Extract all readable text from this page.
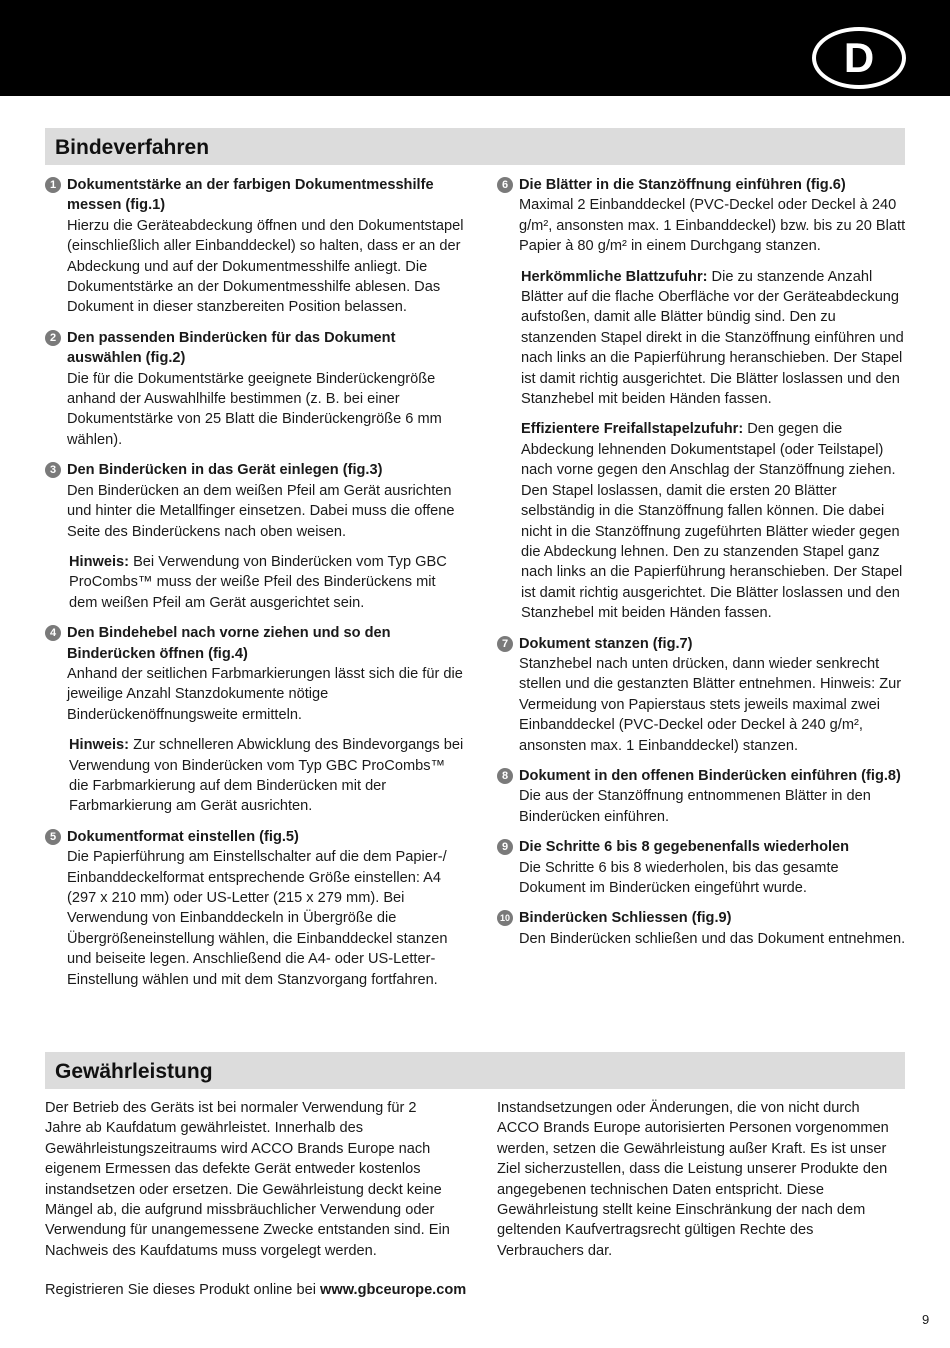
D
Bindeverfahren
1 Dokumentstärke an der farbigen Dokumentmesshilfe messen (fig.1)

Hierzu die Geräteabdeckung öffnen und den Dokumentstapel (einschließlich aller Einbanddeckel) so halten, dass er an der Abdeckung und auf der Dokumentmesshilfe anliegt. Die Dokumentstärke an der Dokumentmesshilfe ablesen. Das Dokument in dieser stanzbereiten Position belassen.

2 Den passenden Binderücken für das Dokument auswählen (fig.2)

Die für die Dokumentstärke geeignete Binderückengröße anhand der Auswahlhilfe bestimmen (z. B. bei einer Dokumentstärke von 25 Blatt die Binderückengröße 6 mm wählen).

3 Den Binderücken in das Gerät einlegen (fig.3)

Den Binderücken an dem weißen Pfeil am Gerät ausrichten und hinter die Metallfinger einsetzen. Dabei muss die offene Seite des Binderückens nach oben weisen.

Hinweis: Bei Verwendung von Binderücken vom Typ GBC ProCombs™ muss der weiße Pfeil des Binderückens mit dem weißen Pfeil am Gerät ausgerichtet sein.

4 Den Bindehebel nach vorne ziehen und so den Binderücken öffnen (fig.4)

Anhand der seitlichen Farbmarkierungen lässt sich die für die jeweilige Anzahl Stanzdokumente nötige Binderückenöffnungsweite ermitteln.

Hinweis: Zur schnelleren Abwicklung des Bindevorgangs bei Verwendung von Binderücken vom Typ GBC ProCombs™ die Farbmarkierung auf dem Binderücken mit der Farbmarkierung am Gerät ausrichten.

5 Dokumentformat einstellen (fig.5)

Die Papierführung am Einstellschalter auf die dem Papier-/ Einbanddeckelformat entsprechende Größe einstellen: A4 (297 x 210 mm) oder US-Letter (215 x 279 mm). Bei Verwendung von Einbanddeckeln in Übergröße die Übergrößeneinstellung wählen, die Einbanddeckel stanzen und beiseite legen. Anschließend die A4- oder US-Letter-Einstellung wählen und mit dem Stanzvorgang fortfahren.

6 Die Blätter in die Stanzöffnung einführen (fig.6)

Maximal 2 Einbanddeckel (PVC-Deckel oder Deckel à 240 g/m², ansonsten max. 1 Einbanddeckel) bzw. bis zu 20 Blatt Papier à 80 g/m² in einem Durchgang stanzen.

Herkömmliche Blattzufuhr: Die zu stanzende Anzahl Blätter auf die flache Oberfläche vor der Geräteabdeckung aufstoßen, damit alle Blätter bündig sind. Den zu stanzenden Stapel direkt in die Stanzöffnung einführen und nach links an die Papierführung heranschieben. Der Stapel ist damit richtig ausgerichtet. Die Blätter loslassen und den Stanzhebel mit beiden Händen fassen.

Effizientere Freifallstapelzufuhr: Den gegen die Abdeckung lehnenden Dokumentstapel (oder Teilstapel) nach vorne gegen den Anschlag der Stanzöffnung ziehen. Den Stapel loslassen, damit die ersten 20 Blätter selbständig in die Stanzöffnung fallen können. Die dabei nicht in die Stanzöffnung zugeführten Blätter wieder gegen die Abdeckung lehnen. Den zu stanzenden Stapel ganz nach links an die Papierführung heranschieben. Der Stapel ist damit richtig ausgerichtet. Die Blätter loslassen und den Stanzhebel mit beiden Händen fassen.

7 Dokument stanzen (fig.7)

Stanzhebel nach unten drücken, dann wieder senkrecht stellen und die gestanzten Blätter entnehmen. Hinweis: Zur Vermeidung von Papierstaus stets jeweils maximal zwei Einbanddeckel (PVC-Deckel oder Deckel à 240 g/m², ansonsten max. 1 Einbanddeckel) stanzen.

8 Dokument in den offenen Binderücken einführen (fig.8)

Die aus der Stanzöffnung entnommenen Blätter in den Binderücken einführen.

9 Die Schritte 6 bis 8 gegebenenfalls wiederholen

Die Schritte 6 bis 8 wiederholen, bis das gesamte Dokument im Binderücken eingeführt wurde.

10 Binderücken Schliessen (fig.9)

Den Binderücken schließen und das Dokument entnehmen.

Gewährleistung

Der Betrieb des Geräts ist bei normaler Verwendung für 2 Jahre ab Kaufdatum gewährleistet. Innerhalb des Gewährleistungszeitraums wird ACCO Brands Europe nach eigenem Ermessen das defekte Gerät entweder kostenlos instandsetzen oder ersetzen. Die Gewährleistung deckt keine Mängel ab, die aufgrund missbräuchlicher Verwendung oder Verwendung für unangemessene Zwecke entstanden sind. Ein Nachweis des Kaufdatums muss vorgelegt werden.

Instandsetzungen oder Änderungen, die von nicht durch ACCO Brands Europe autorisierten Personen vorgenommen werden, setzen die Gewährleistung außer Kraft. Es ist unser Ziel sicherzustellen, dass die Leistung unserer Produkte den angegebenen technischen Daten entspricht. Diese Gewährleistung stellt keine Einschränkung der nach dem geltenden Kaufvertragsrecht gültigen Rechte des Verbrauchers dar.

Registrieren Sie dieses Produkt online bei www.gbceurope.com
9
